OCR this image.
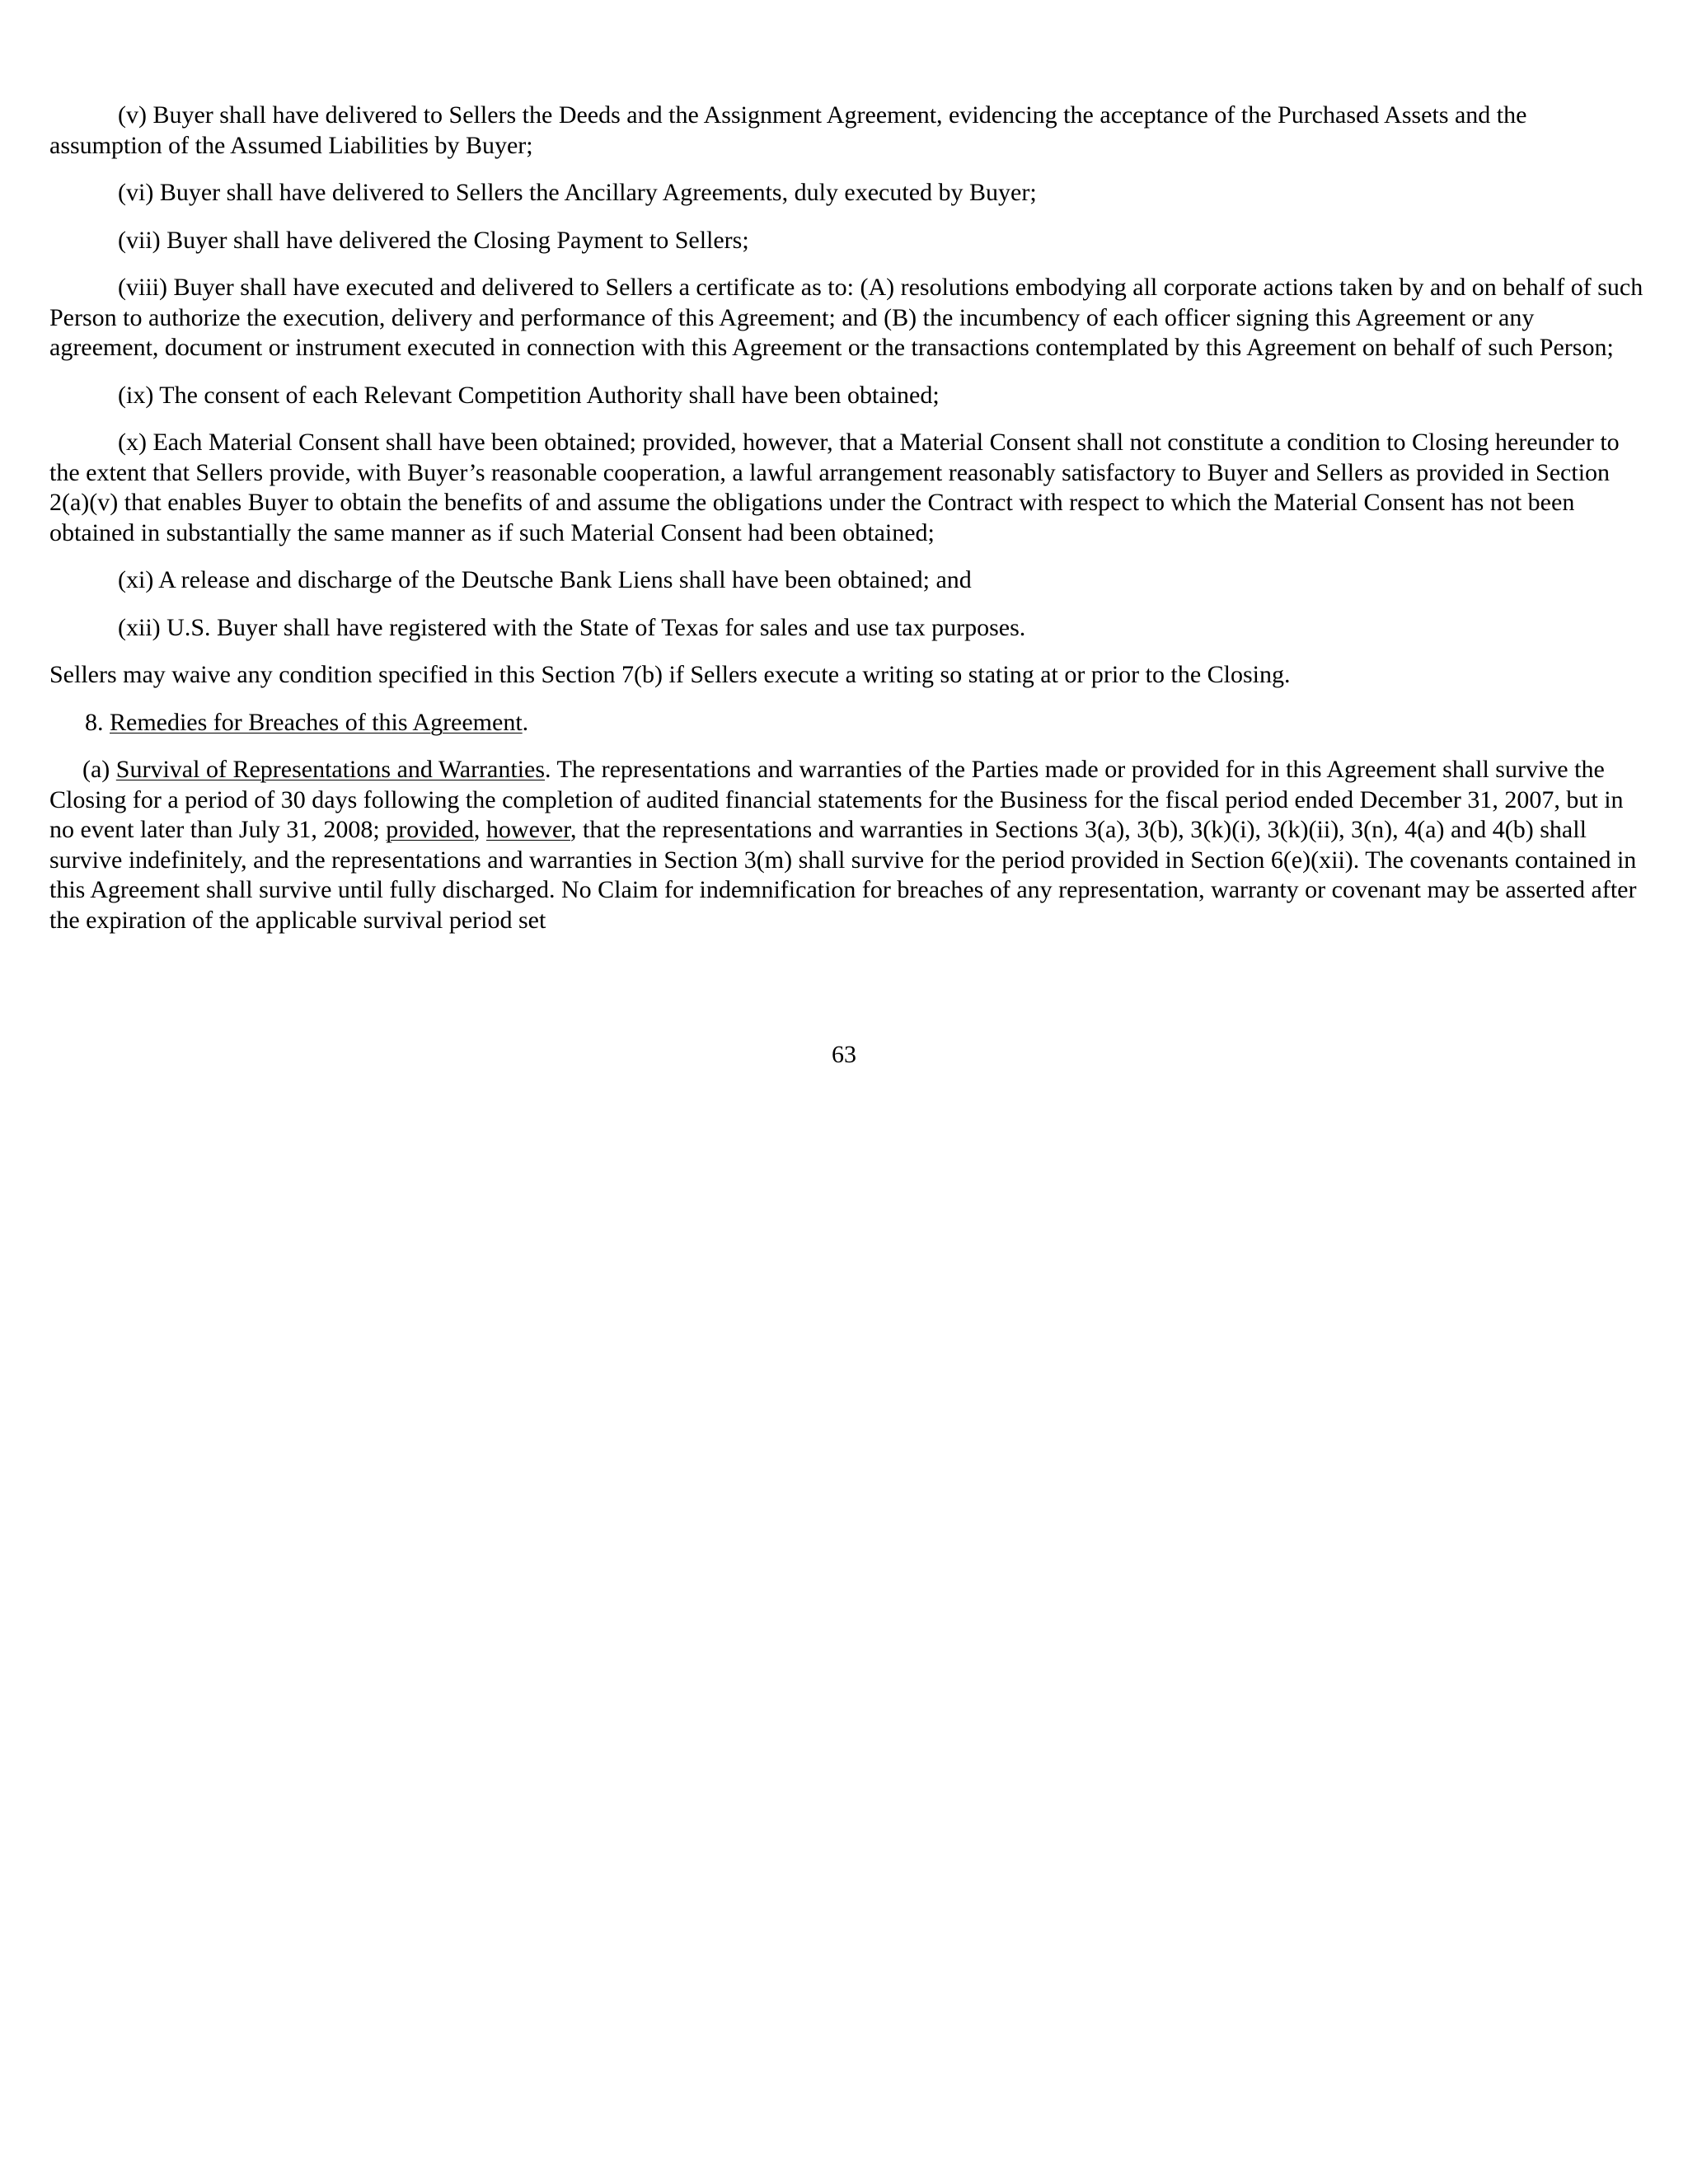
(v) Buyer shall have delivered to Sellers the Deeds and the Assignment Agreement, evidencing the acceptance of the Purchased Assets and the assumption of the Assumed Liabilities by Buyer;

(vi) Buyer shall have delivered to Sellers the Ancillary Agreements, duly executed by Buyer;

(vii) Buyer shall have delivered the Closing Payment to Sellers;

(viii) Buyer shall have executed and delivered to Sellers a certificate as to: (A) resolutions embodying all corporate actions taken by and on behalf of such Person to authorize the execution, delivery and performance of this Agreement; and (B) the incumbency of each officer signing this Agreement or any agreement, document or instrument executed in connection with this Agreement or the transactions contemplated by this Agreement on behalf of such Person;

(ix) The consent of each Relevant Competition Authority shall have been obtained;

(x) Each Material Consent shall have been obtained; provided, however, that a Material Consent shall not constitute a condition to Closing hereunder to the extent that Sellers provide, with Buyer’s reasonable cooperation, a lawful arrangement reasonably satisfactory to Buyer and Sellers as provided in Section 2(a)(v) that enables Buyer to obtain the benefits of and assume the obligations under the Contract with respect to which the Material Consent has not been obtained in substantially the same manner as if such Material Consent had been obtained;

(xi) A release and discharge of the Deutsche Bank Liens shall have been obtained; and

(xii) U.S. Buyer shall have registered with the State of Texas for sales and use tax purposes.

Sellers may waive any condition specified in this Section 7(b) if Sellers execute a writing so stating at or prior to the Closing.

8. Remedies for Breaches of this Agreement.

(a) Survival of Representations and Warranties. The representations and warranties of the Parties made or provided for in this Agreement shall survive the Closing for a period of 30 days following the completion of audited financial statements for the Business for the fiscal period ended December 31, 2007, but in no event later than July 31, 2008; provided, however, that the representations and warranties in Sections 3(a), 3(b), 3(k)(i), 3(k)(ii), 3(n), 4(a) and 4(b) shall survive indefinitely, and the representations and warranties in Section 3(m) shall survive for the period provided in Section 6(e)(xii). The covenants contained in this Agreement shall survive until fully discharged. No Claim for indemnification for breaches of any representation, warranty or covenant may be asserted after the expiration of the applicable survival period set

63
